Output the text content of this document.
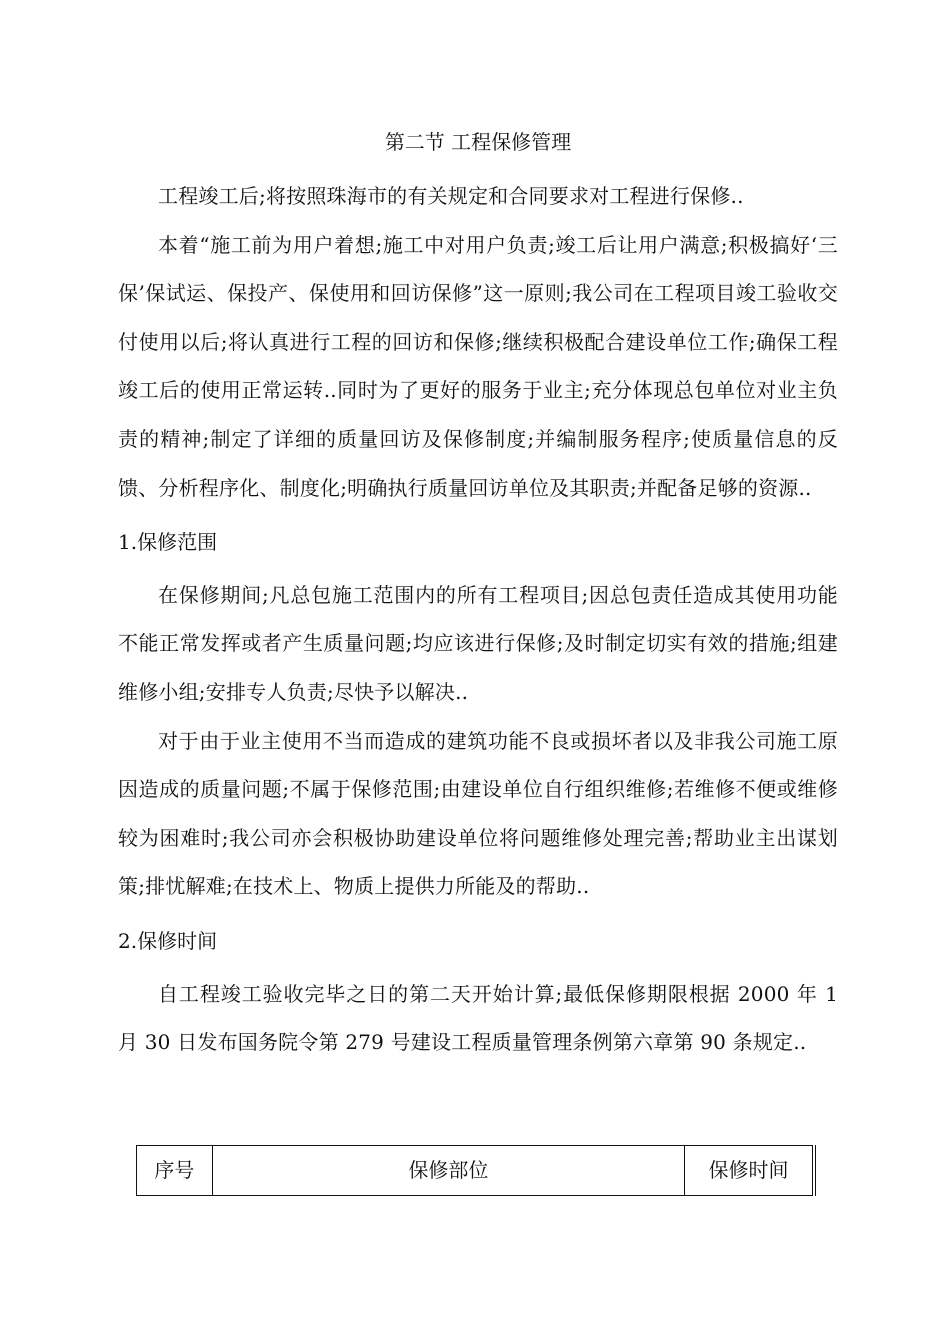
第二节 工程保修管理

工程竣工后;将按照珠海市的有关规定和合同要求对工程进行保修..

本着“施工前为用户着想;施工中对用户负责;竣工后让用户满意;积极搞好‘三保’保试运、保投产、保使用和回访保修”这一原则;我公司在工程项目竣工验收交付使用以后;将认真进行工程的回访和保修;继续积极配合建设单位工作;确保工程竣工后的使用正常运转..同时为了更好的服务于业主;充分体现总包单位对业主负责的精神;制定了详细的质量回访及保修制度;并编制服务程序;使质量信息的反馈、分析程序化、制度化;明确执行质量回访单位及其职责;并配备足够的资源..

1.保修范围

在保修期间;凡总包施工范围内的所有工程项目;因总包责任造成其使用功能不能正常发挥或者产生质量问题;均应该进行保修;及时制定切实有效的措施;组建维修小组;安排专人负责;尽快予以解决..

对于由于业主使用不当而造成的建筑功能不良或损坏者以及非我公司施工原因造成的质量问题;不属于保修范围;由建设单位自行组织维修;若维修不便或维修较为困难时;我公司亦会积极协助建设单位将问题维修处理完善;帮助业主出谋划策;排忧解难;在技术上、物质上提供力所能及的帮助..

2.保修时间

自工程竣工验收完毕之日的第二天开始计算;最低保修期限根据 2000 年 1 月 30 日发布国务院令第 279 号建设工程质量管理条例第六章第 90 条规定..

序号	保修部位	保修时间
